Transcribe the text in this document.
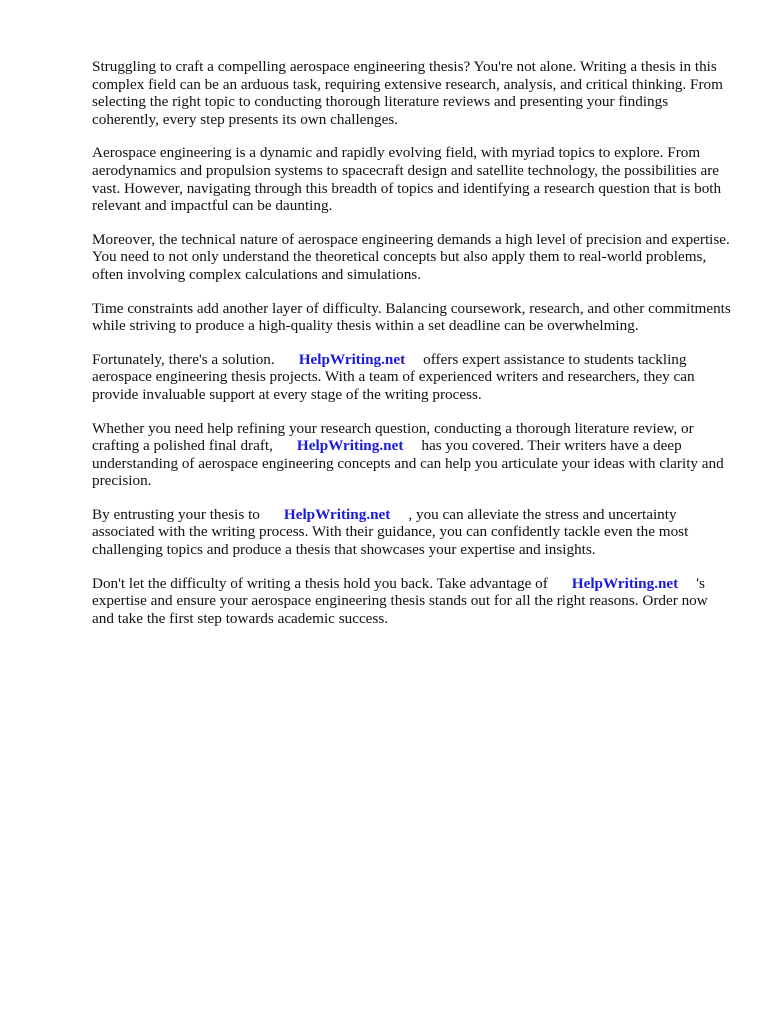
Struggling to craft a compelling aerospace engineering thesis? You're not alone. Writing a thesis in this complex field can be an arduous task, requiring extensive research, analysis, and critical thinking. From selecting the right topic to conducting thorough literature reviews and presenting your findings coherently, every step presents its own challenges.

Aerospace engineering is a dynamic and rapidly evolving field, with myriad topics to explore. From aerodynamics and propulsion systems to spacecraft design and satellite technology, the possibilities are vast. However, navigating through this breadth of topics and identifying a research question that is both relevant and impactful can be daunting.

Moreover, the technical nature of aerospace engineering demands a high level of precision and expertise. You need to not only understand the theoretical concepts but also apply them to real-world problems, often involving complex calculations and simulations.

Time constraints add another layer of difficulty. Balancing coursework, research, and other commitments while striving to produce a high-quality thesis within a set deadline can be overwhelming.

Fortunately, there's a solution. HelpWriting.net offers expert assistance to students tackling aerospace engineering thesis projects. With a team of experienced writers and researchers, they can provide invaluable support at every stage of the writing process.

Whether you need help refining your research question, conducting a thorough literature review, or crafting a polished final draft, HelpWriting.net has you covered. Their writers have a deep understanding of aerospace engineering concepts and can help you articulate your ideas with clarity and precision.

By entrusting your thesis to HelpWriting.net , you can alleviate the stress and uncertainty associated with the writing process. With their guidance, you can confidently tackle even the most challenging topics and produce a thesis that showcases your expertise and insights.

Don't let the difficulty of writing a thesis hold you back. Take advantage of HelpWriting.net 's expertise and ensure your aerospace engineering thesis stands out for all the right reasons. Order now and take the first step towards academic success.
